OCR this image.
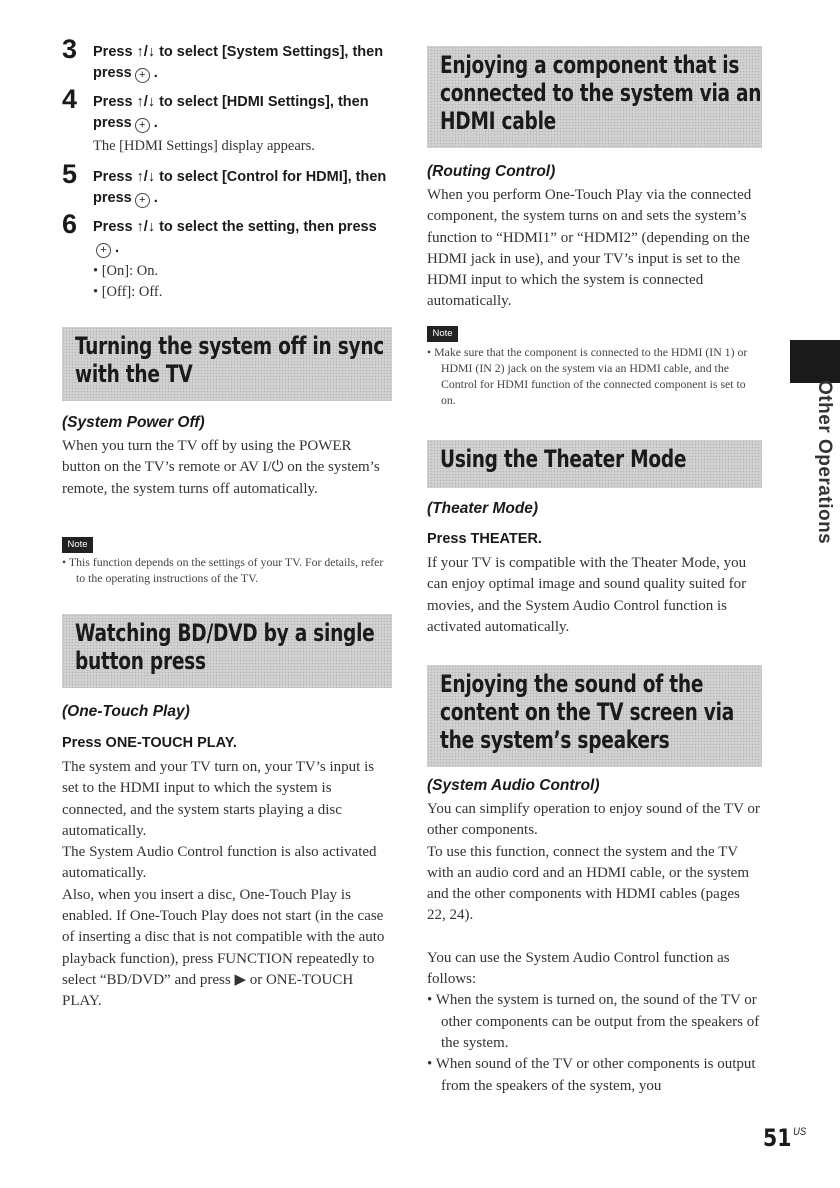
3 Press ↑/↓ to select [System Settings], then press + .
4 Press ↑/↓ to select [HDMI Settings], then press + .
The [HDMI Settings] display appears.
5 Press ↑/↓ to select [Control for HDMI], then press + .
6 Press ↑/↓ to select the setting, then press+ .
• [On]: On.
• [Off]: Off.
Turning the system off in sync
with the TV
(System Power Off)
When you turn the TV off by using the POWER button on the TV’s remote or AV I/⏻ on the system’s remote, the system turns off automatically.
Note
• This function depends on the settings of your TV. For details, refer to the operating instructions of the TV.
Watching BD/DVD by a single
button press
(One-Touch Play)
Press ONE-TOUCH PLAY.

The system and your TV turn on, your TV’s input is set to the HDMI input to which the system is connected, and the system starts playing a disc automatically.

The System Audio Control function is also activated automatically.

Also, when you insert a disc, One-Touch Play is enabled. If One-Touch Play does not start (in the case of inserting a disc that is not compatible with the auto playback function), press FUNCTION repeatedly to select “BD/DVD” and press ▶ or ONE-TOUCH PLAY.

Enjoying a component that is
connected to the system via an
HDMI cable
(Routing Control)
When you perform One-Touch Play via the connected component, the system turns on and sets the system’s function to “HDMI1” or “HDMI2” (depending on the HDMI jack in use), and your TV’s input is set to the HDMI input to which the system is connected automatically.
Note
• Make sure that the component is connected to the HDMI (IN 1) or HDMI (IN 2) jack on the system via an HDMI cable, and the Control for HDMI function of the connected component is set to on.
Using the Theater Mode
(Theater Mode)
Press THEATER.
If your TV is compatible with the Theater Mode, you can enjoy optimal image and sound quality suited for movies, and the System Audio Control function is activated automatically.
Enjoying the sound of the
content on the TV screen via
the system’s speakers
(System Audio Control)

You can simplify operation to enjoy sound of the TV or other components.

To use this function, connect the system and the TV with an audio cord and an HDMI cable, or the system and the other components with HDMI cables (pages 22, 24).

You can use the System Audio Control function as follows:

• When the system is turned on, the sound of the TV or other components can be output from the speakers of the system.
• When sound of the TV or other components is output from the speakers of the system, you
Other Operations
51 $^{US}$
